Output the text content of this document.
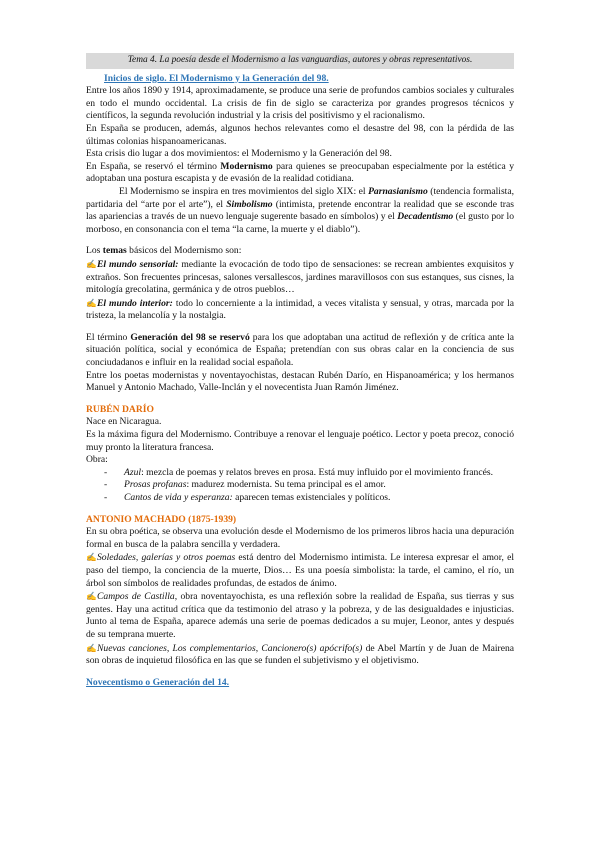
Tema 4. La poesía desde el Modernismo a las vanguardias, autores y obras representativos.
Inicios de siglo. El Modernismo y la Generación del 98.

Entre los años 1890 y 1914, aproximadamente, se produce una serie de profundos cambios sociales y culturales en todo el mundo occidental. La crisis de fin de siglo se caracteriza por grandes progresos técnicos y científicos, la segunda revolución industrial y la crisis del positivismo y el racionalismo.

En España se producen, además, algunos hechos relevantes como el desastre del 98, con la pérdida de las últimas colonias hispanoamericanas.

Esta crisis dio lugar a dos movimientos: el Modernismo y la Generación del 98.

En España, se reservó el término Modernismo para quienes se preocupaban especialmente por la estética y adoptaban una postura escapista y de evasión de la realidad cotidiana.

El Modernismo se inspira en tres movimientos del siglo XIX: el Parnasianismo (tendencia formalista, partidaria del “arte por el arte”), el Simbolismo (intimista, pretende encontrar la realidad que se esconde tras las apariencias a través de un nuevo lenguaje sugerente basado en símbolos) y el Decadentismo (el gusto por lo morboso, en consonancia con el tema “la carne, la muerte y el diablo”).

Los temas básicos del Modernismo son:

✍El mundo sensorial: mediante la evocación de todo tipo de sensaciones: se recrean ambientes exquisitos y extraños. Son frecuentes princesas, salones versallescos, jardines maravillosos con sus estanques, sus cisnes, la mitología grecolatina, germánica y de otros pueblos…

✍El mundo interior: todo lo concerniente a la intimidad, a veces vitalista y sensual, y otras, marcada por la tristeza, la melancolía y la nostalgia.

El término Generación del 98 se reservó para los que adoptaban una actitud de reflexión y de crítica ante la situación política, social y económica de España; pretendían con sus obras calar en la conciencia de sus conciudadanos e influir en la realidad social española.

Entre los poetas modernistas y noventayochistas, destacan Rubén Darío, en Hispanoamérica; y los hermanos Manuel y Antonio Machado, Valle-Inclán y el novecentista Juan Ramón Jiménez.

RUBÉN DARÍO

Nace en Nicaragua.

Es la máxima figura del Modernismo. Contribuye a renovar el lenguaje poético. Lector y poeta precoz, conoció muy pronto la literatura francesa.

Obra:

- Azul: mezcla de poemas y relatos breves en prosa. Está muy influido por el movimiento francés.
- Prosas profanas: madurez modernista. Su tema principal es el amor.
- Cantos de vida y esperanza: aparecen temas existenciales y políticos.
ANTONIO MACHADO (1875-1939)

En su obra poética, se observa una evolución desde el Modernismo de los primeros libros hacia una depuración formal en busca de la palabra sencilla y verdadera.

✍Soledades, galerías y otros poemas está dentro del Modernismo intimista. Le interesa expresar el amor, el paso del tiempo, la conciencia de la muerte, Dios… Es una poesía simbolista: la tarde, el camino, el río, un árbol son símbolos de realidades profundas, de estados de ánimo.

✍Campos de Castilla, obra noventayochista, es una reflexión sobre la realidad de España, sus tierras y sus gentes. Hay una actitud crítica que da testimonio del atraso y la pobreza, y de las desigualdades e injusticias. Junto al tema de España, aparece además una serie de poemas dedicados a su mujer, Leonor, antes y después de su temprana muerte.

✍Nuevas canciones, Los complementarios, Cancionero(s) apócrifo(s) de Abel Martín y de Juan de Mairena son obras de inquietud filosófica en las que se funden el subjetivismo y el objetivismo.

Novecentismo o Generación del 14.
